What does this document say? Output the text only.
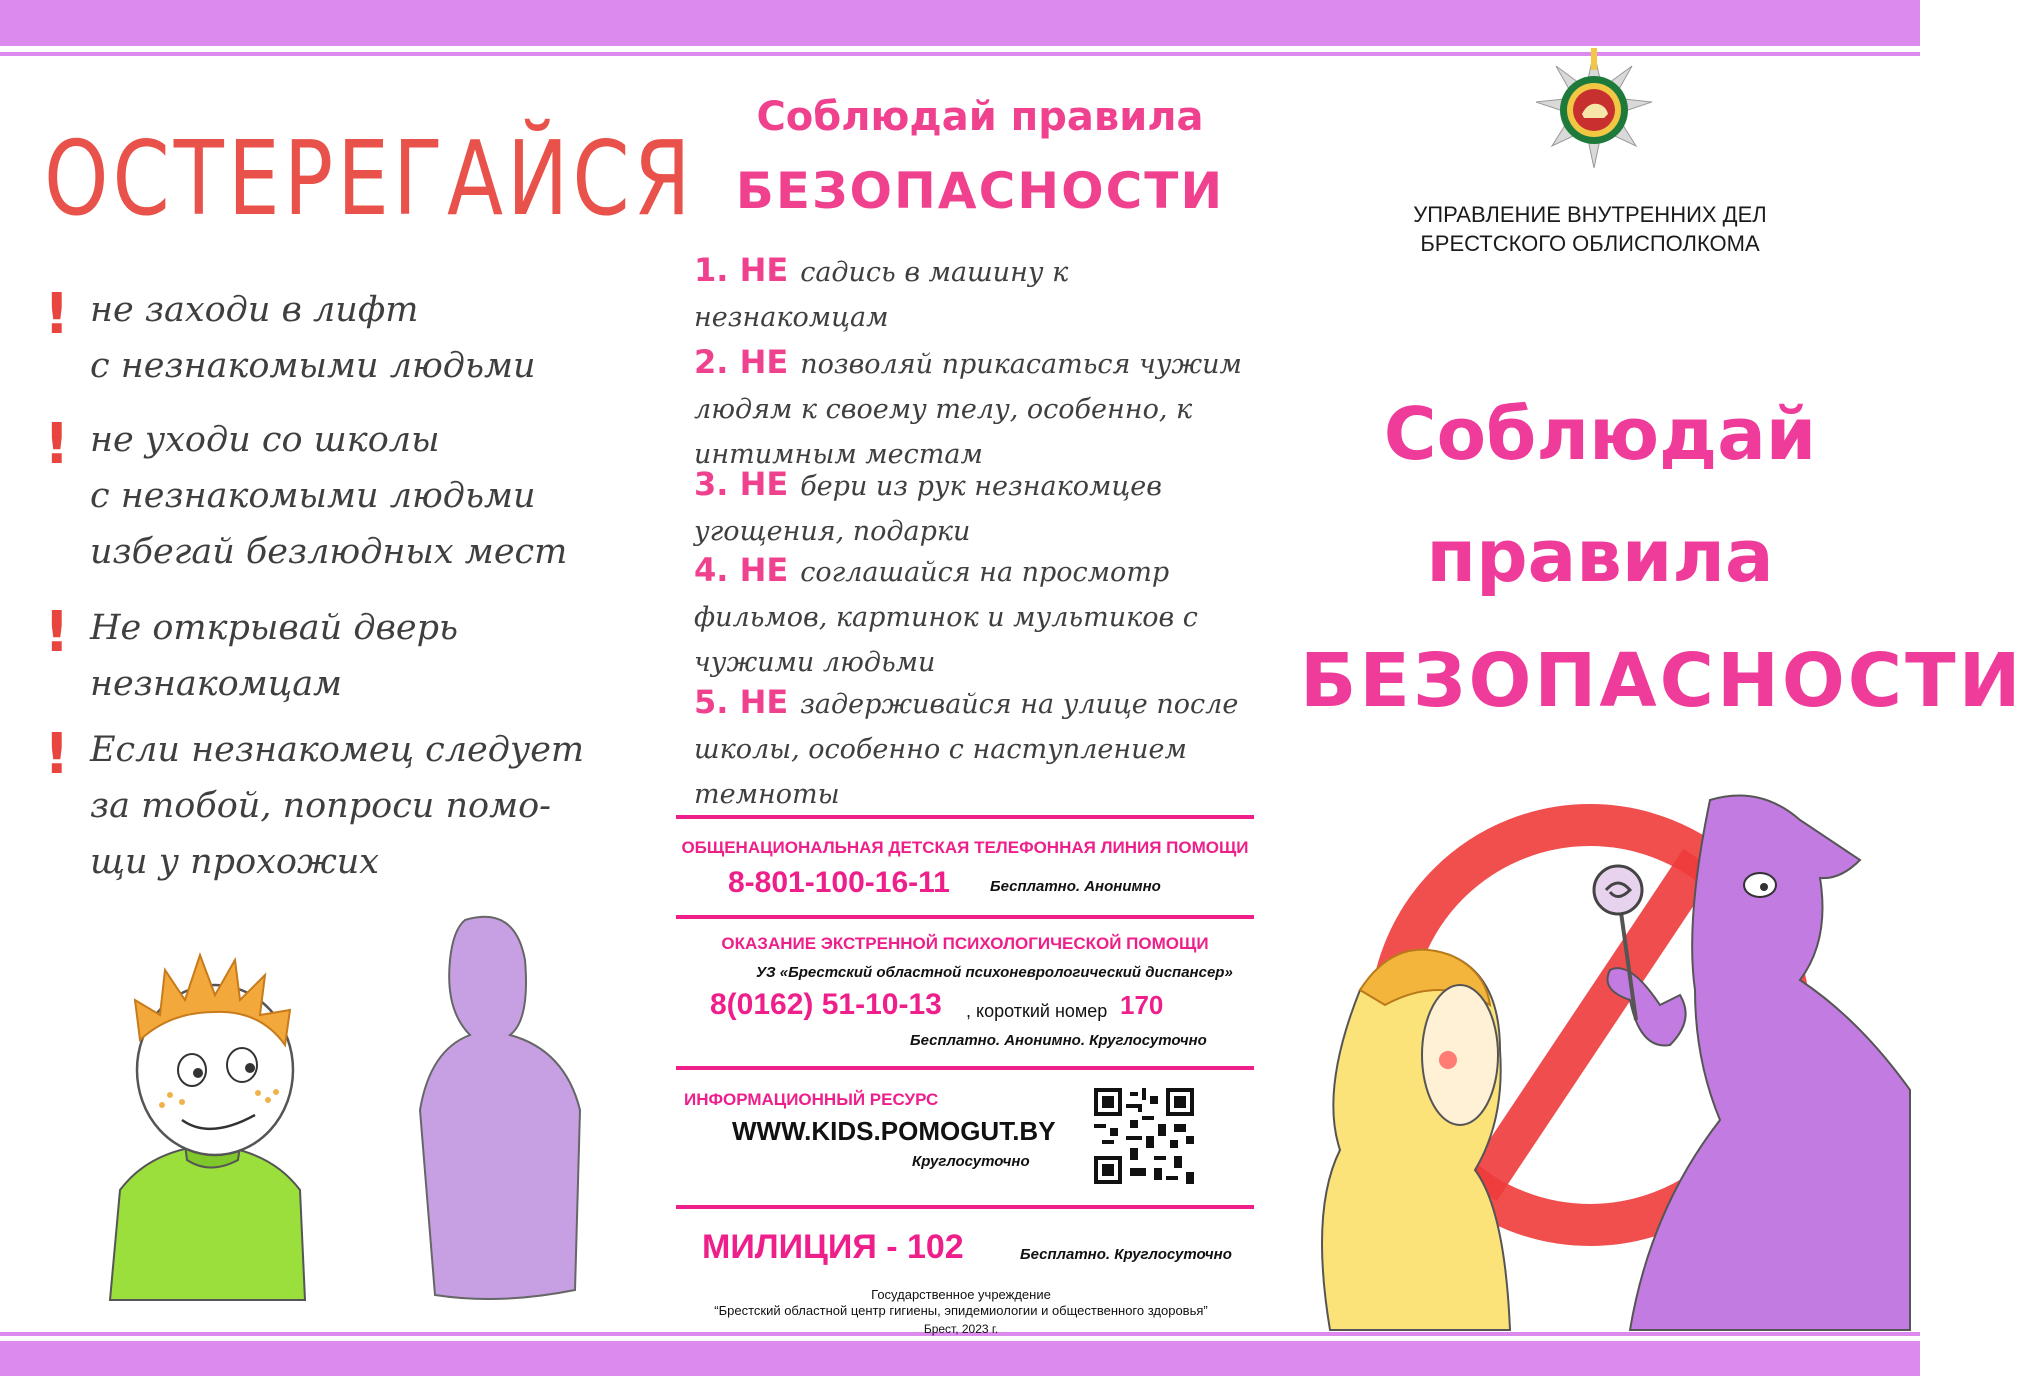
ОСТЕРЕГАЙСЯ
! не заходи в лифт
с незнакомыми людьми
! не уходи со школы
с незнакомыми людьми
избегай безлюдных мест
! Не открывай дверь
незнакомцам
! Если незнакомец следует
за тобой, попроси помо-
щи у прохожих
Соблюдай правила
БЕЗОПАСНОСТИ
1. НЕ садись в машину к незнакомцам
2. НЕ позволяй прикасаться чужим людям к своему телу, особенно, к интимным местам
3. НЕ бери из рук незнакомцев угощения, подарки
4. НЕ соглашайся на просмотр фильмов, картинок и мультиков с чужими людьми
5. НЕ задерживайся на улице после школы, особенно с наступлением темноты
ОБЩЕНАЦИОНАЛЬНАЯ ДЕТСКАЯ ТЕЛЕФОННАЯ ЛИНИЯ ПОМОЩИ
8-801-100-16-11	Бесплатно. Анонимно
ОКАЗАНИЕ ЭКСТРЕННОЙ ПСИХОЛОГИЧЕСКОЙ ПОМОЩИ
УЗ «Брестский областной психоневрологический диспансер»
8(0162) 51-10-13 , короткий номер 170
Бесплатно. Анонимно. Круглосуточно
ИНФОРМАЦИОННЫЙ РЕСУРС
WWW.KIDS.POMOGUT.BY
Круглосуточно
МИЛИЦИЯ - 102	Бесплатно. Круглосуточно
Государственное учреждение
“Брестский областной центр гигиены, эпидемиологии и общественного здоровья”
Брест, 2023 г.
УПРАВЛЕНИЕ ВНУТРЕННИХ ДЕЛ
БРЕСТСКОГО ОБЛИСПОЛКОМА
Соблюдай
правила
БЕЗОПАСНОСТИ
